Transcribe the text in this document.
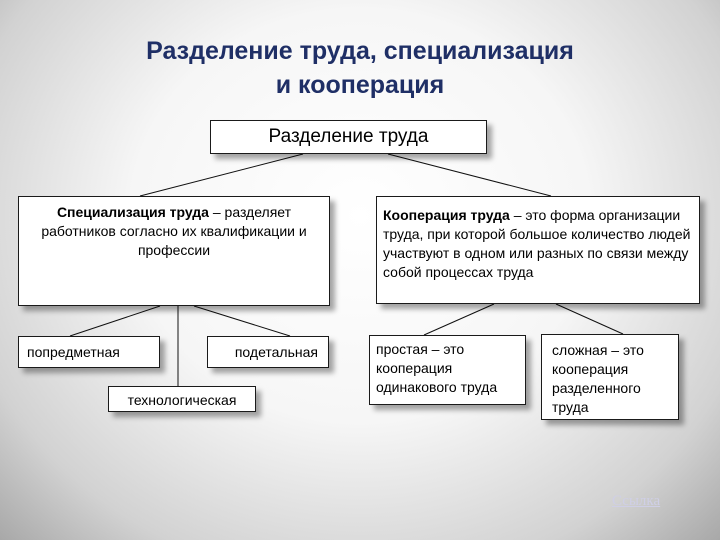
Разделение труда, специализация
и кооперация
Разделение труда
Специализация труда – разделяет работников согласно их квалификации и профессии
Кооперация труда – это форма организации труда, при которой большое количество людей участвуют в одном или разных по связи между собой процессах труда
попредметная	подетальная
технологическая
простая – это кооперация одинакового труда
сложная – это кооперация разделенного труда
Ссылка
